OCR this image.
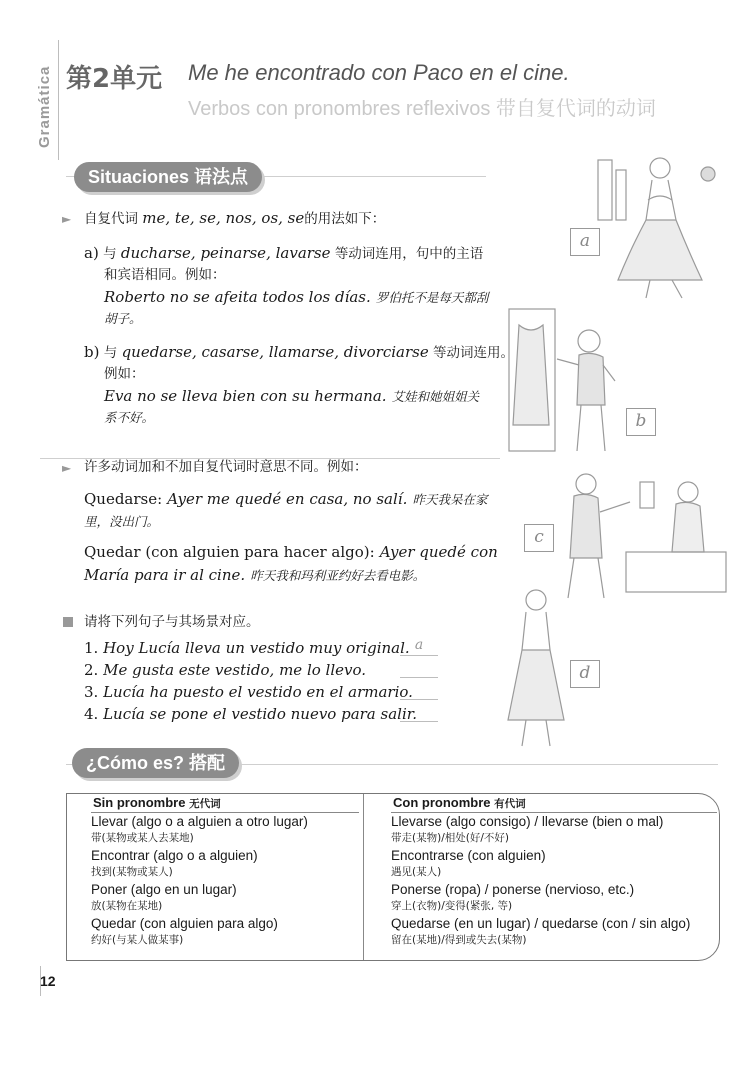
Gramática 第2单元 Me he encontrado con Paco en el cine.
Verbos con pronombres reflexivos 带自复代词的动词
Situaciones 语法点
► 自复代词 me, te, se, nos, os, se的用法如下：
a) 与 ducharse, peinarse, lavarse 等动词连用，句中的主语
和宾语相同。例如：
Roberto no se afeita todos los días. 罗伯托不是每天都刮
胡子。
b) 与 quedarse, casarse, llamarse, divorciarse 等动词连用。
例如：
Eva no se lleva bien con su hermana. 艾娃和她姐姐关
系不好。
► 许多动词加和不加自复代词时意思不同。例如：
Quedarse: Ayer me quedé en casa, no salí. 昨天我呆在家
里，没出门。
Quedar (con alguien para hacer algo): Ayer quedé con
María para ir al cine. 昨天我和玛利亚约好去看电影。
请将下列句子与其场景对应。
1. Hoy Lucía lleva un vestido muy original. a
2. Me gusta este vestido, me lo llevo.
3. Lucía ha puesto el vestido en el armario.
4. Lucía se pone el vestido nuevo para salir.
a
b
c
d
¿Cómo es? 搭配
Sin pronombre 无代词
Llevar (algo o a alguien a otro lugar)
带(某物或某人去某地)
Encontrar (algo o a alguien)
找到(某物或某人)
Poner (algo en un lugar)
放(某物在某地)
Quedar (con alguien para algo)
约好(与某人做某事)
Con pronombre 有代词
Llevarse (algo consigo) / llevarse (bien o mal)
带走(某物)/相处(好/不好)
Encontrarse (con alguien)
遇见(某人)
Ponerse (ropa) / ponerse (nervioso, etc.)
穿上(衣物)/变得(紧张, 等)
Quedarse (en un lugar) / quedarse (con / sin algo)
留在(某地)/得到或失去(某物)
12
